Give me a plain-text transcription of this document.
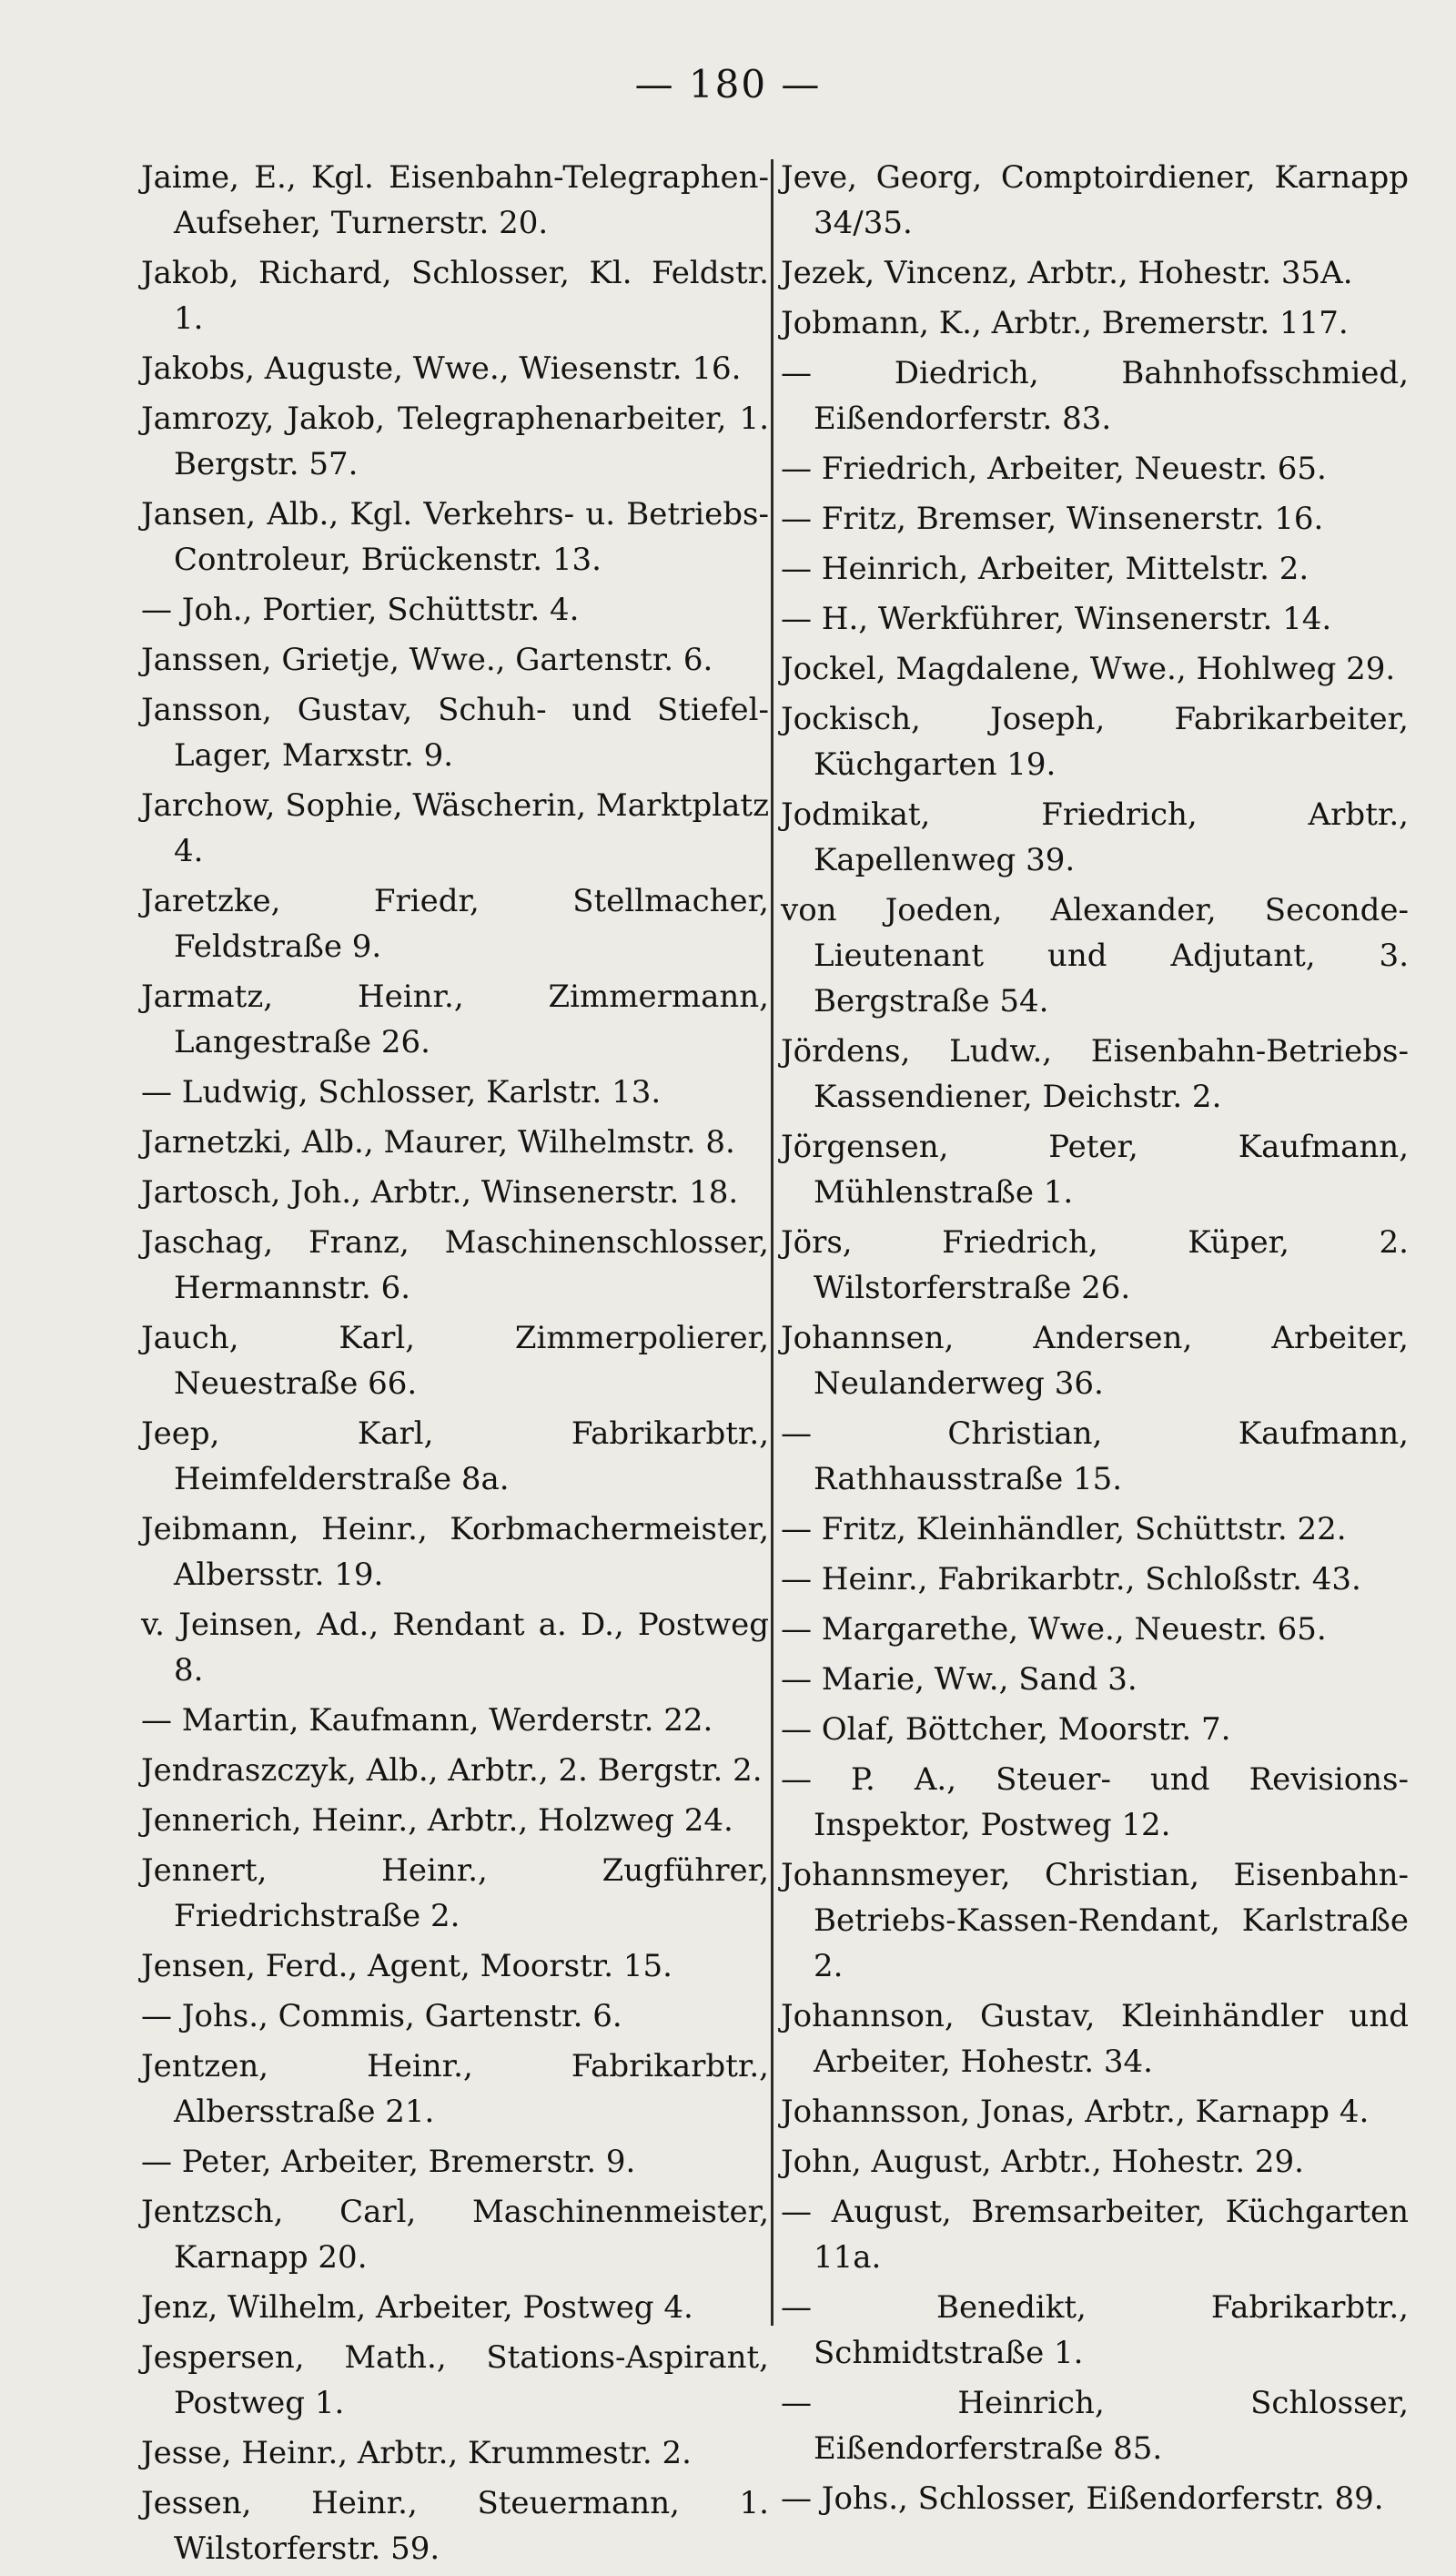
— 180 —

Jaime, E., Kgl. Eisenbahn-Telegraphen-Aufseher, Turnerstr. 20.

Jakob, Richard, Schlosser, Kl. Feldstr. 1.

Jakobs, Auguste, Wwe., Wiesenstr. 16.

Jamrozy, Jakob, Telegraphenarbeiter, 1. Bergstr. 57.

Jansen, Alb., Kgl. Verkehrs- u. Betriebs-Controleur, Brückenstr. 13.

— Joh., Portier, Schüttstr. 4.

Janssen, Grietje, Wwe., Gartenstr. 6.

Jansson, Gustav, Schuh- und Stiefel-Lager, Marxstr. 9.

Jarchow, Sophie, Wäscherin, Marktplatz 4.

Jaretzke, Friedr, Stellmacher, Feldstraße 9.

Jarmatz, Heinr., Zimmermann, Langestraße 26.

— Ludwig, Schlosser, Karlstr. 13.

Jarnetzki, Alb., Maurer, Wilhelmstr. 8.

Jartosch, Joh., Arbtr., Winsenerstr. 18.

Jaschag, Franz, Maschinenschlosser, Hermannstr. 6.

Jauch, Karl, Zimmerpolierer, Neuestraße 66.

Jeep, Karl, Fabrikarbtr., Heimfelderstraße 8a.

Jeibmann, Heinr., Korbmachermeister, Albersstr. 19.

v. Jeinsen, Ad., Rendant a. D., Postweg 8.

— Martin, Kaufmann, Werderstr. 22.

Jendraszczyk, Alb., Arbtr., 2. Bergstr. 2.

Jennerich, Heinr., Arbtr., Holzweg 24.

Jennert, Heinr., Zugführer, Friedrichstraße 2.

Jensen, Ferd., Agent, Moorstr. 15.

— Johs., Commis, Gartenstr. 6.

Jentzen, Heinr., Fabrikarbtr., Albersstraße 21.

— Peter, Arbeiter, Bremerstr. 9.

Jentzsch, Carl, Maschinenmeister, Karnapp 20.

Jenz, Wilhelm, Arbeiter, Postweg 4.

Jespersen, Math., Stations-Aspirant, Postweg 1.

Jesse, Heinr., Arbtr., Krummestr. 2.

Jessen, Heinr., Steuermann, 1. Wilstorferstr. 59.

Jeve, Georg, Comptoirdiener, Karnapp 34/35.

Jezek, Vincenz, Arbtr., Hohestr. 35A.

Jobmann, K., Arbtr., Bremerstr. 117.

— Diedrich, Bahnhofsschmied, Eißendorferstr. 83.

— Friedrich, Arbeiter, Neuestr. 65.

— Fritz, Bremser, Winsenerstr. 16.

— Heinrich, Arbeiter, Mittelstr. 2.

— H., Werkführer, Winsenerstr. 14.

Jockel, Magdalene, Wwe., Hohlweg 29.

Jockisch, Joseph, Fabrikarbeiter, Küchgarten 19.

Jodmikat, Friedrich, Arbtr., Kapellenweg 39.

von Joeden, Alexander, Seconde-Lieutenant und Adjutant, 3. Bergstraße 54.

Jördens, Ludw., Eisenbahn-Betriebs-Kassendiener, Deichstr. 2.

Jörgensen, Peter, Kaufmann, Mühlenstraße 1.

Jörs, Friedrich, Küper, 2. Wilstorferstraße 26.

Johannsen, Andersen, Arbeiter, Neulanderweg 36.

— Christian, Kaufmann, Rathhausstraße 15.

— Fritz, Kleinhändler, Schüttstr. 22.

— Heinr., Fabrikarbtr., Schloßstr. 43.

— Margarethe, Wwe., Neuestr. 65.

— Marie, Ww., Sand 3.

— Olaf, Böttcher, Moorstr. 7.

— P. A., Steuer- und Revisions-Inspektor, Postweg 12.

Johannsmeyer, Christian, Eisenbahn-Betriebs-Kassen-Rendant, Karlstraße 2.

Johannson, Gustav, Kleinhändler und Arbeiter, Hohestr. 34.

Johannsson, Jonas, Arbtr., Karnapp 4.

John, August, Arbtr., Hohestr. 29.

— August, Bremsarbeiter, Küchgarten 11a.

— Benedikt, Fabrikarbtr., Schmidtstraße 1.

— Heinrich, Schlosser, Eißendorferstraße 85.

— Johs., Schlosser, Eißendorferstr. 89.
